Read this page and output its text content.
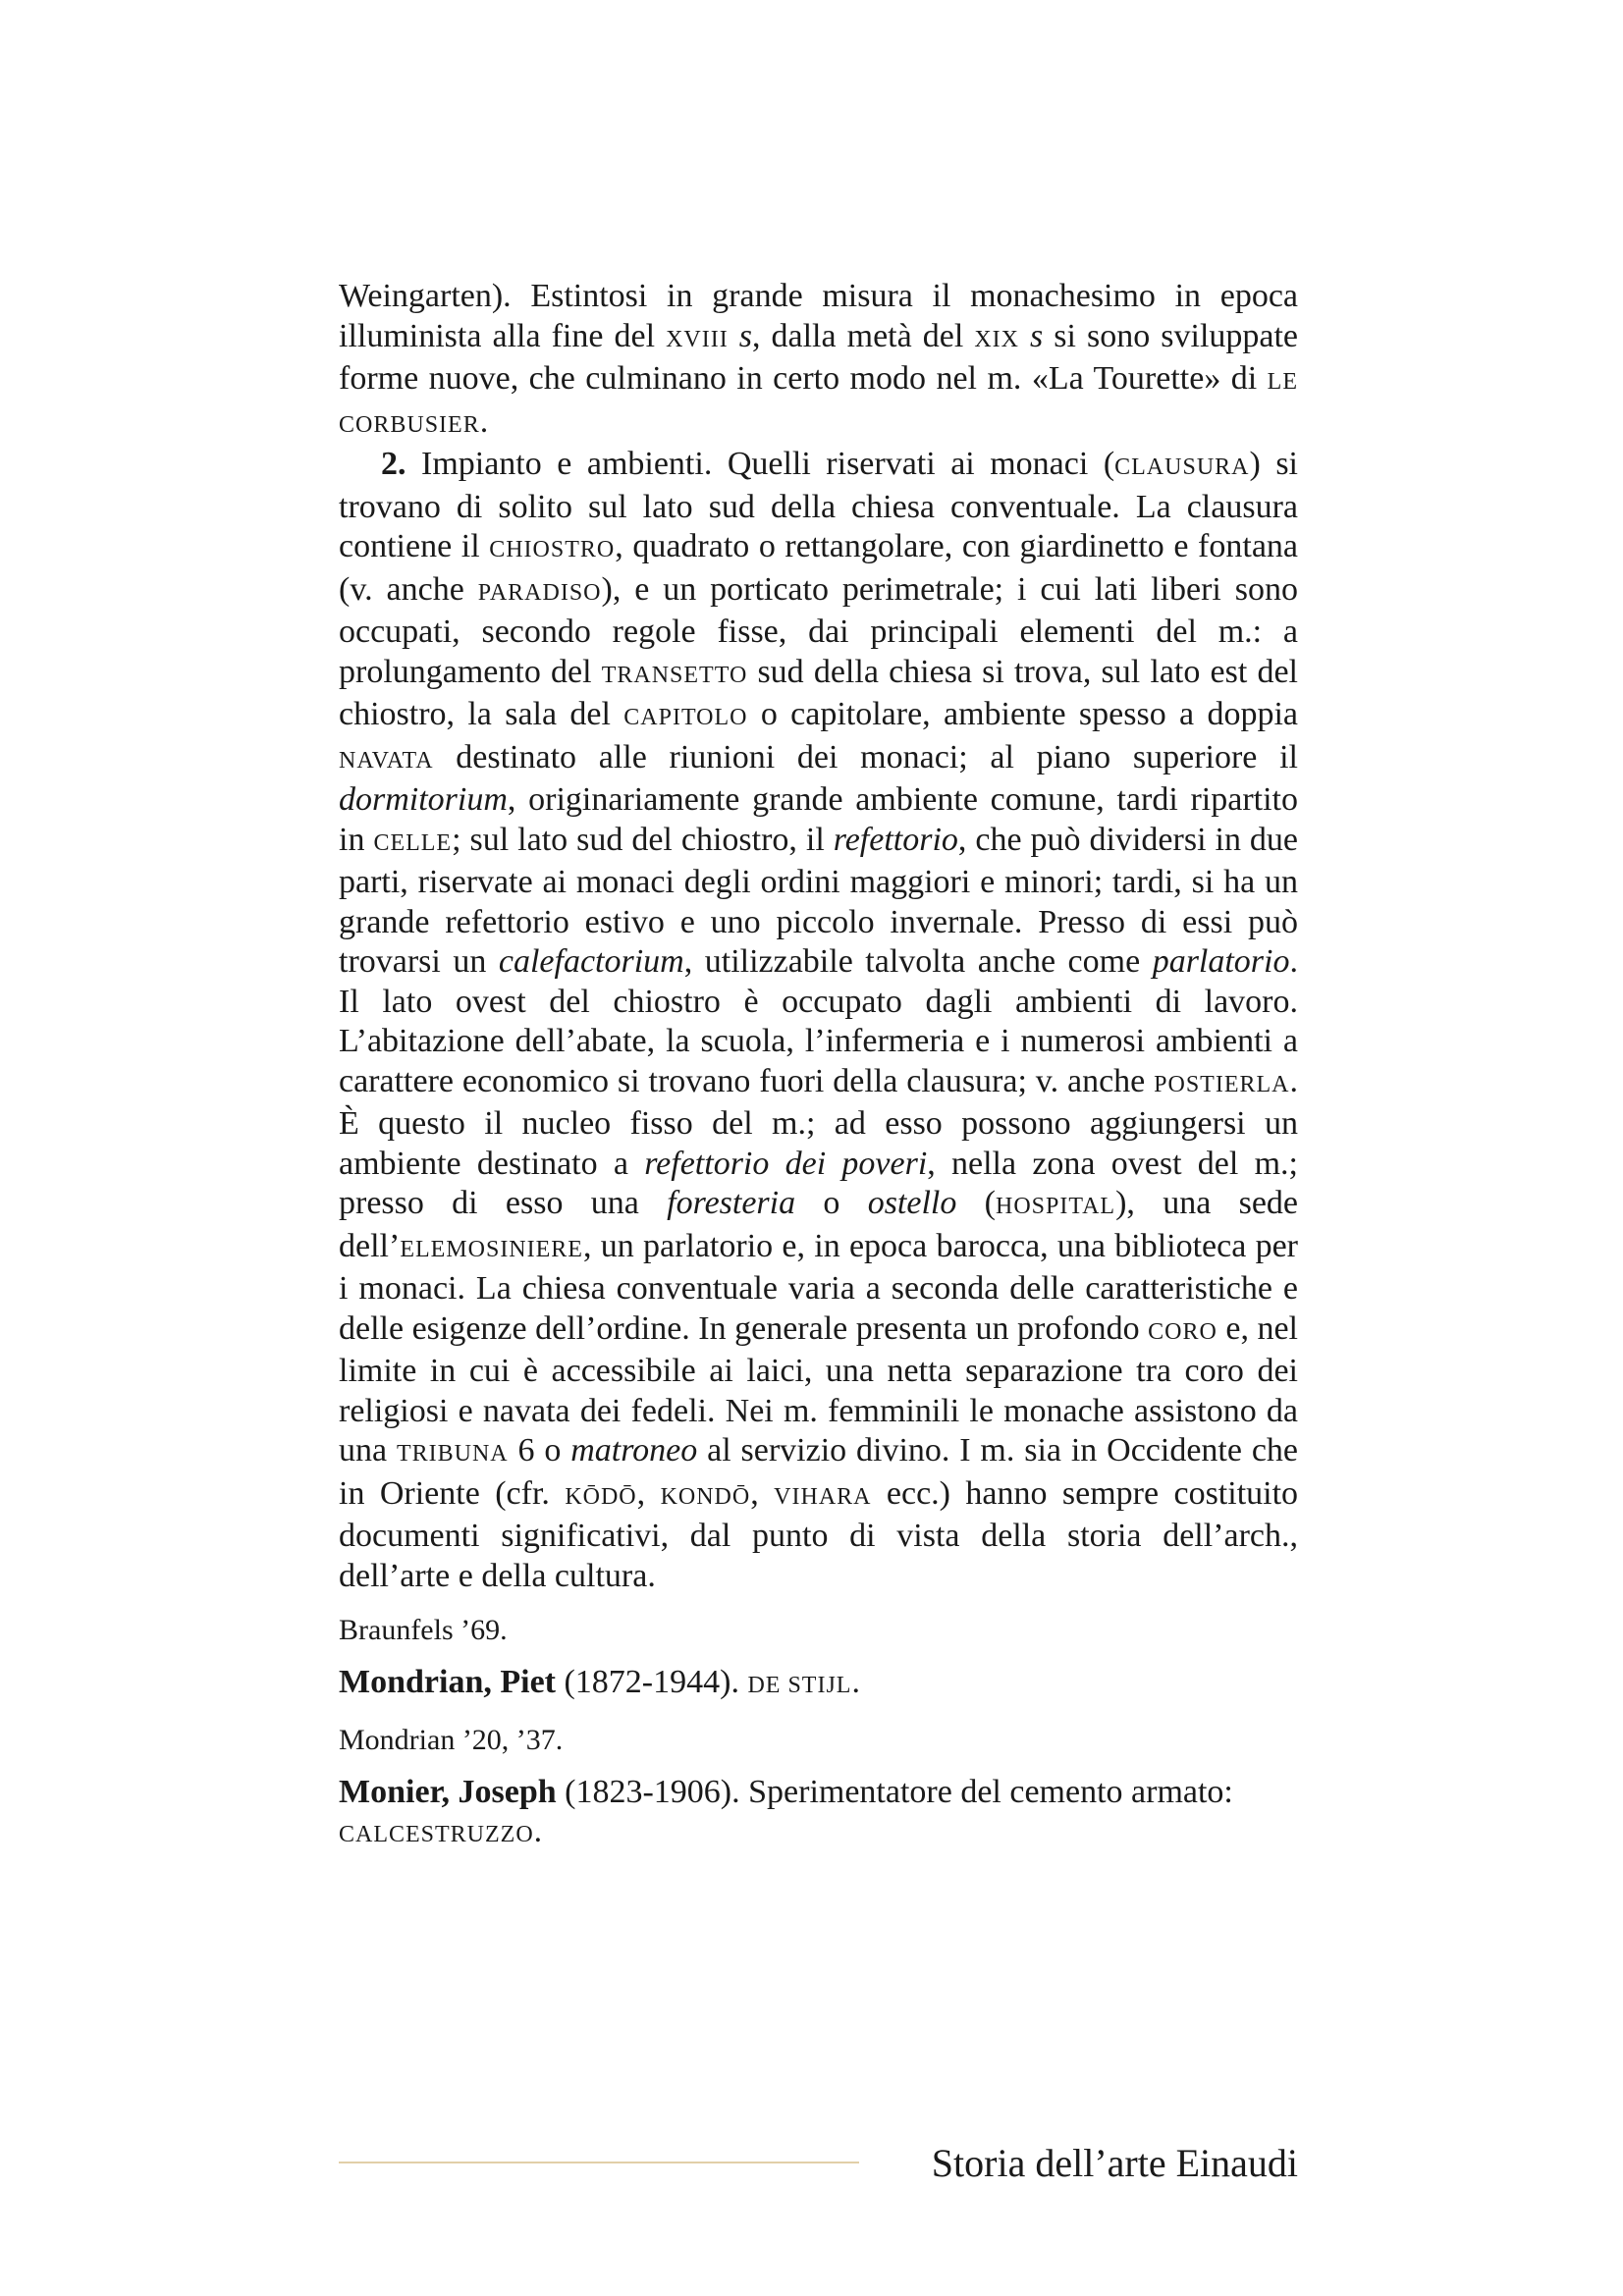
Weingarten). Estintosi in grande misura il monachesimo in epoca illuminista alla fine del XVIII s, dalla metà del XIX s si sono sviluppate forme nuove, che culminano in certo modo nel m. «La Tourette» di LE CORBUSIER.

2. Impianto e ambienti. Quelli riservati ai monaci (CLAUSURA) si trovano di solito sul lato sud della chiesa conventuale. La clausura contiene il CHIOSTRO, quadrato o rettangolare, con giardinetto e fontana (v. anche PARADISO), e un porticato perimetrale; i cui lati liberi sono occupati, secondo regole fisse, dai principali elementi del m.: a prolungamento del TRANSETTO sud della chiesa si trova, sul lato est del chiostro, la sala del CAPITOLO o capitolare, ambiente spesso a doppia NAVATA destinato alle riunioni dei monaci; al piano superiore il dormitorium, originariamente grande ambiente comune, tardi ripartito in CELLE; sul lato sud del chiostro, il refettorio, che può dividersi in due parti, riservate ai monaci degli ordini maggiori e minori; tardi, si ha un grande refettorio estivo e uno piccolo invernale. Presso di essi può trovarsi un calefactorium, utilizzabile talvolta anche come parlatorio. Il lato ovest del chiostro è occupato dagli ambienti di lavoro. L’abitazione dell’abate, la scuola, l’infermeria e i numerosi ambienti a carattere economico si trovano fuori della clausura; v. anche POSTIERLA. È questo il nucleo fisso del m.; ad esso possono aggiungersi un ambiente destinato a refettorio dei poveri, nella zona ovest del m.; presso di esso una foresteria o ostello (HOSPITAL), una sede dell’ELEMOSINIERE, un parlatorio e, in epoca barocca, una biblioteca per i monaci. La chiesa conventuale varia a seconda delle caratteristiche e delle esigenze dell’ordine. In generale presenta un profondo CORO e, nel limite in cui è accessibile ai laici, una netta separazione tra coro dei religiosi e navata dei fedeli. Nei m. femminili le monache assistono da una TRIBUNA 6 o matroneo al servizio divino. I m. sia in Occidente che in Oriente (cfr. KŌDŌ, KONDŌ, VIHARA ecc.) hanno sempre costituito documenti significativi, dal punto di vista della storia dell’arch., dell’arte e della cultura.

Braunfels ’69.

Mondrian, Piet (1872-1944). DE STIJL.

Mondrian ’20, ’37.

Monier, Joseph (1823-1906). Sperimentatore del cemento armato: CALCESTRUZZO.

Storia dell’arte Einaudi
